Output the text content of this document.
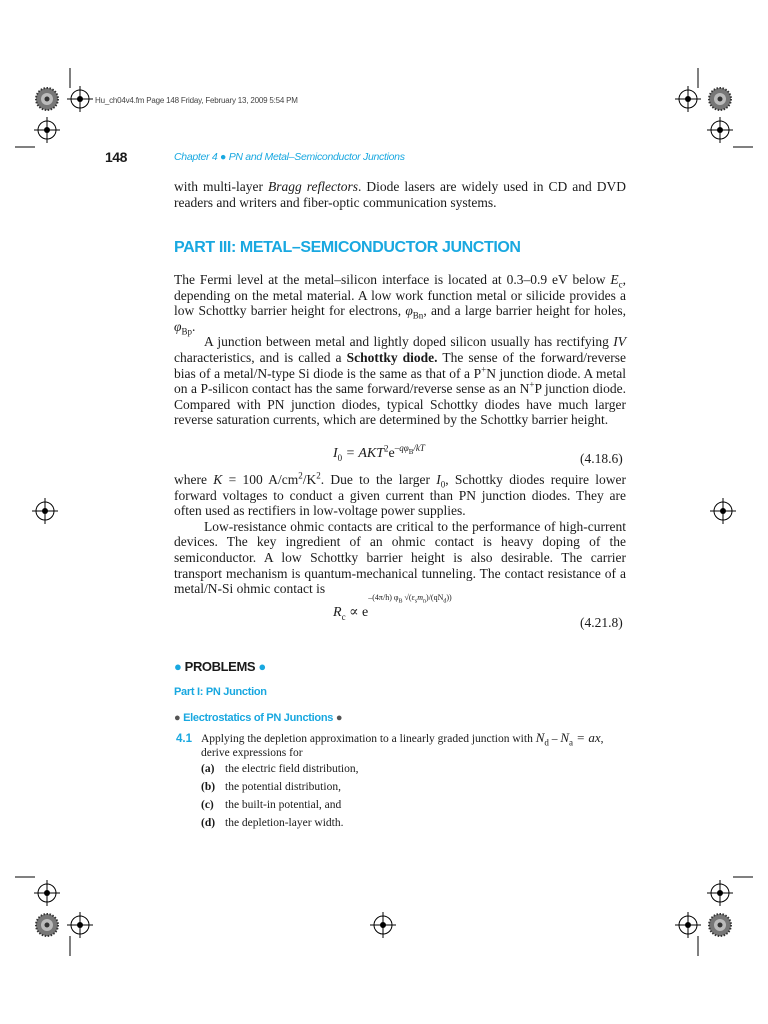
Hu_ch04v4.fm Page 148 Friday, February 13, 2009 5:54 PM
148	Chapter 4 ● PN and Metal–Semiconductor Junctions
with multi-layer Bragg reflectors. Diode lasers are widely used in CD and DVD readers and writers and fiber-optic communication systems.
PART III: METAL–SEMICONDUCTOR JUNCTION

The Fermi level at the metal–silicon interface is located at 0.3–0.9 eV below $E_c$, depending on the metal material. A low work function metal or silicide provides a low Schottky barrier height for electrons, $\varphi_{Bn}$, and a large barrier height for holes, $\varphi_{Bp}$.

A junction between metal and lightly doped silicon usually has rectifying IV characteristics, and is called a Schottky diode. The sense of the forward/reverse bias of a metal/N-type Si diode is the same as that of a P+N junction diode. A metal on a P-silicon contact has the same forward/reverse sense as an N+P junction diode. Compared with PN junction diodes, typical Schottky diodes have much larger reverse saturation currents, which are determined by the Schottky barrier height.

$I_0 = AKT^2e^{-q\varphi_B/kT}$
(4.18.6)

where K = 100 $A/cm^2/K^2$. Due to the larger $I_0$, Schottky diodes require lower forward voltages to conduct a given current than PN junction diodes. They are often used as rectifiers in low-voltage power supplies.

Low-resistance ohmic contacts are critical to the performance of high-current devices. The key ingredient of an ohmic contact is heavy doping of the semiconductor. A low Schottky barrier height is also desirable. The carrier transport mechanism is quantum-mechanical tunneling. The contact resistance of a metal/N-Si ohmic contact is

$R_c \propto e^{-(4\pi/h) \varphi_B √(\varepsilon_sm_n)/(qN_d))}$
(4.21.8)
● PROBLEMS ●
Part I: PN Junction
● Electrostatics of PN Junctions ●
4.1 Applying the depletion approximation to a linearly graded junction with $N_d - N_a$ = ax,
derive expressions for
(a) the electric field distribution,
(b) the potential distribution,
(c) the built-in potential, and
(d) the depletion-layer width.
